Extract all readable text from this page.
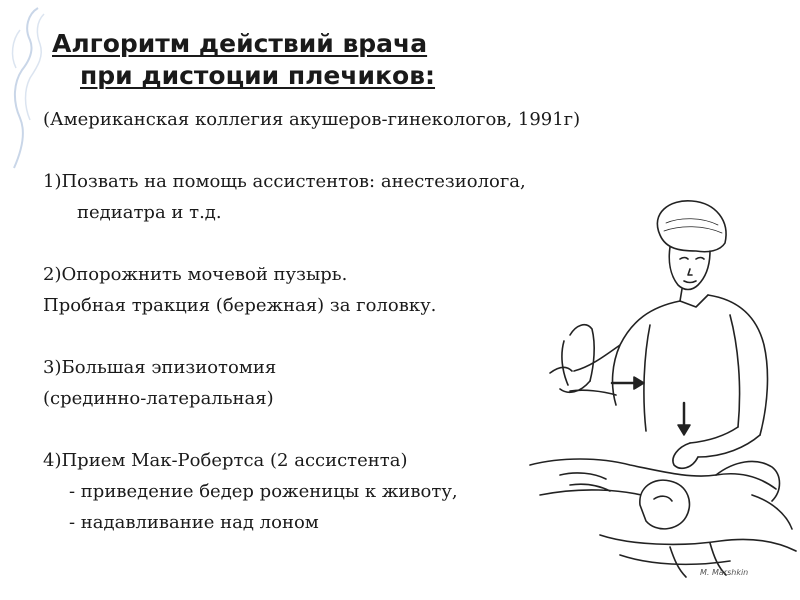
Алгоритм действий врача
при дистоции плечиков:
(Американская коллегия акушеров-гинекологов, 1991г)
1)Позвать на помощь ассистентов: анестезиолога,
педиатра и т.д.
2)Опорожнить мочевой пузырь.
Пробная тракция (бережная) за головку.
3)Большая эпизиотомия
(срединно-латеральная)
4)Прием Мак-Робертса (2 ассистента)
- приведение бедер роженицы к животу,
- надавливание над лоном
M. Marshkin
